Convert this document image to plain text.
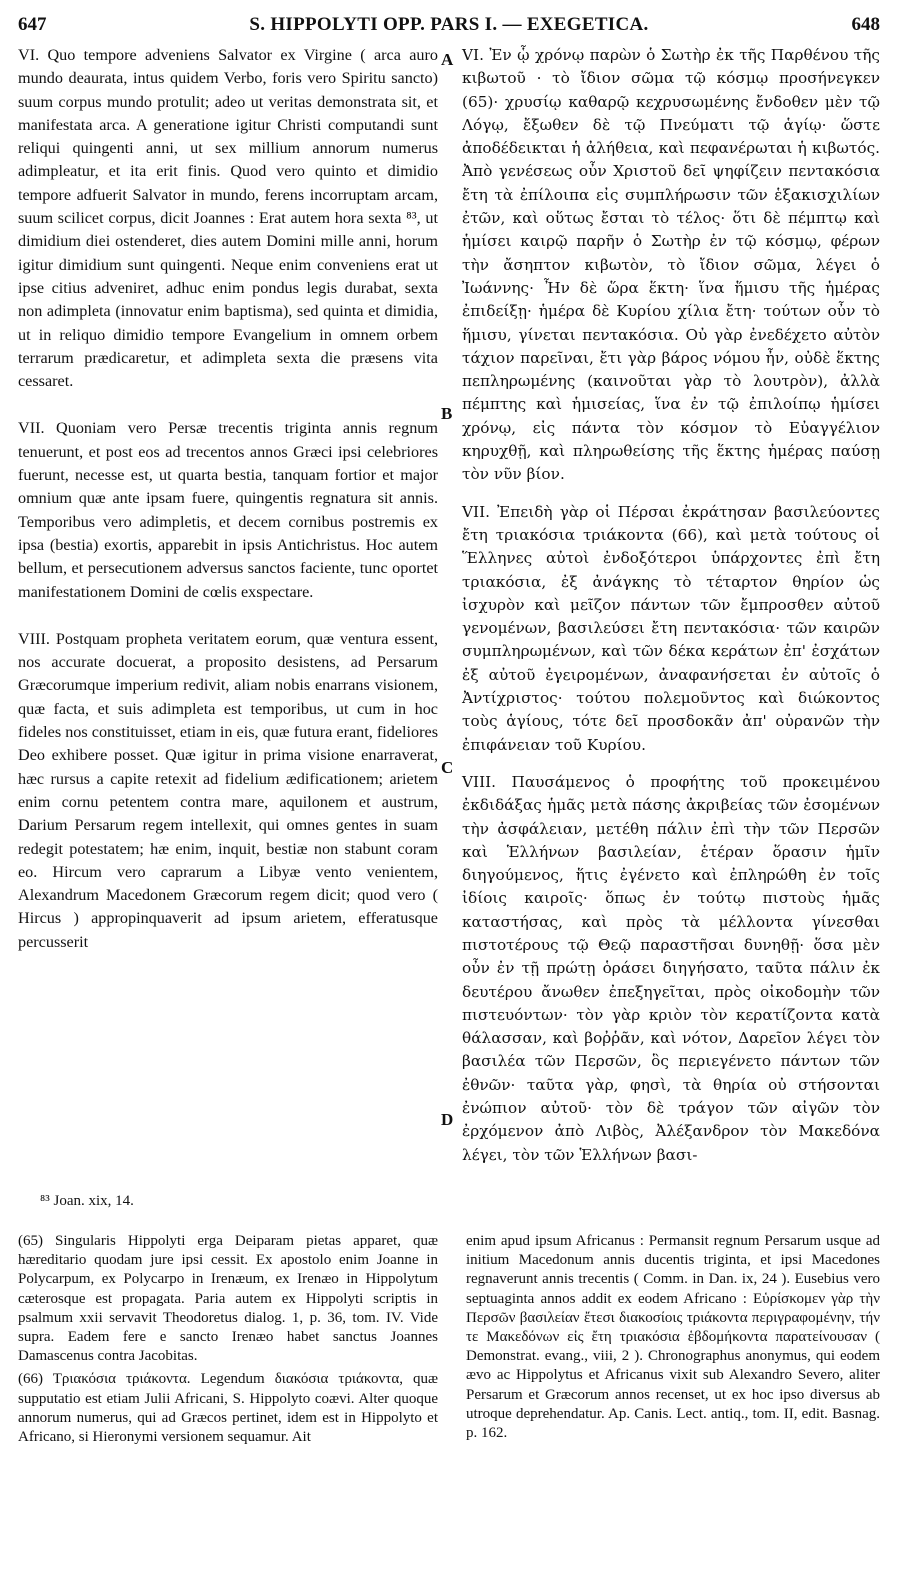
647	S. HIPPOLYTI OPP. PARS I. — EXEGETICA.	648

VI. Quo tempore adveniens Salvator ex Virgine ( arca auro mundo deaurata, intus quidem Verbo, foris vero Spiritu sancto) suum corpus mundo protulit; adeo ut veritas demonstrata sit, et manifestata arca. A generatione igitur Christi computandi sunt reliqui quingenti anni, ut sex millium annorum numerus adimpleatur, et ita erit finis. Quod vero quinto et dimidio tempore adfuerit Salvator in mundo, ferens incorruptam arcam, suum scilicet corpus, dicit Joannes : Erat autem hora sexta ⁸³, ut dimidium diei ostenderet, dies autem Domini mille anni, horum igitur dimidium sunt quingenti. Neque enim conveniens erat ut ipse citius adveniret, adhuc enim pondus legis durabat, sexta non adimpleta (innovatur enim baptisma), sed quinta et dimidia, ut in reliquo dimidio tempore Evangelium in omnem orbem terrarum prædicaretur, et adimpleta sexta die præsens vita cessaret.

VII. Quoniam vero Persæ trecentis triginta annis regnum tenuerunt, et post eos ad trecentos annos Græci ipsi celebriores fuerunt, necesse est, ut quarta bestia, tanquam fortior et major omnium quæ ante ipsam fuere, quingentis regnatura sit annis. Temporibus vero adimpletis, et decem cornibus postremis ex ipsa (bestia) exortis, apparebit in ipsis Antichristus. Hoc autem bellum, et persecutionem adversus sanctos faciente, tunc oportet manifestationem Domini de cœlis exspectare.

VIII. Postquam propheta veritatem eorum, quæ ventura essent, nos accurate docuerat, a proposito desistens, ad Persarum Græcorumque imperium redivit, aliam nobis enarrans visionem, quæ facta, et suis adimpleta est temporibus, ut cum in hoc fideles nos constituisset, etiam in eis, quæ futura erant, fideliores Deo exhibere posset. Quæ igitur in prima visione enarraverat, hæc rursus a capite retexit ad fidelium ædificationem; arietem enim cornu petentem contra mare, aquilonem et austrum, Darium Persarum regem intellexit, qui omnes gentes in suam redegit potestatem; hæ enim, inquit, bestiæ non stabunt coram eo. Hircum vero caprarum a Libyæ vento venientem, Alexandrum Macedonem Græcorum regem dicit; quod vero ( Hircus ) appropinquaverit ad ipsum arietem, efferatusque percusserit

VI. Ἐν ᾧ χρόνῳ παρὼν ὁ Σωτὴρ ἐκ τῆς Παρθένου τῆς κιβωτοῦ · τὸ ἴδιον σῶμα τῷ κόσμῳ προσήνεγκεν (65)· χρυσίῳ καθαρῷ κεχρυσωμένης ἔνδοθεν μὲν τῷ Λόγῳ, ἔξωθεν δὲ τῷ Πνεύματι τῷ ἁγίῳ· ὥστε ἀποδέδεικται ἡ ἀλήθεια, καὶ πεφανέρωται ἡ κιβωτός. Ἀπὸ γενέσεως οὖν Χριστοῦ δεῖ ψηφίζειν πεντακόσια ἔτη τὰ ἐπίλοιπα εἰς συμπλήρωσιν τῶν ἑξακισχιλίων ἐτῶν, καὶ οὕτως ἔσται τὸ τέλος· ὅτι δὲ πέμπτῳ καὶ ἡμίσει καιρῷ παρῆν ὁ Σωτὴρ ἐν τῷ κόσμῳ, φέρων τὴν ἄσηπτον κιβωτὸν, τὸ ἴδιον σῶμα, λέγει ὁ Ἰωάννης· Ἦν δὲ ὥρα ἕκτη· ἵνα ἥμισυ τῆς ἡμέρας ἐπιδείξῃ· ἡμέρα δὲ Κυρίου χίλια ἔτη· τούτων οὖν τὸ ἥμισυ, γίνεται πεντακόσια. Οὐ γὰρ ἐνεδέχετο αὐτὸν τάχιον παρεῖναι, ἔτι γὰρ βάρος νόμου ἦν, οὐδὲ ἕκτης πεπληρωμένης (καινοῦται γὰρ τὸ λουτρὸν), ἀλλὰ πέμπτης καὶ ἡμισείας, ἵνα ἐν τῷ ἐπιλοίπῳ ἡμίσει χρόνῳ, εἰς πάντα τὸν κόσμον τὸ Εὐαγγέλιον κηρυχθῇ, καὶ πληρωθείσης τῆς ἕκτης ἡμέρας παύσῃ τὸν νῦν βίον.

VII. Ἐπειδὴ γὰρ οἱ Πέρσαι ἐκράτησαν βασιλεύοντες ἔτη τριακόσια τριάκοντα (66), καὶ μετὰ τούτους οἱ Ἕλληνες αὐτοὶ ἐνδοξότεροι ὑπάρχοντες ἐπὶ ἔτη τριακόσια, ἐξ ἀνάγκης τὸ τέταρτον θηρίον ὡς ἰσχυρὸν καὶ μεῖζον πάντων τῶν ἔμπροσθεν αὐτοῦ γενομένων, βασιλεύσει ἔτη πεντακόσια· τῶν καιρῶν συμπληρωμένων, καὶ τῶν δέκα κεράτων ἐπ' ἐσχάτων ἐξ αὐτοῦ ἐγειρομένων, ἀναφανήσεται ἐν αὐτοῖς ὁ Ἀντίχριστος· τούτου πολεμοῦντος καὶ διώκοντος τοὺς ἁγίους, τότε δεῖ προσδοκᾶν ἀπ' οὐρανῶν τὴν ἐπιφάνειαν τοῦ Κυρίου.

VIII. Παυσάμενος ὁ προφήτης τοῦ προκειμένου ἐκδιδάξας ἡμᾶς μετὰ πάσης ἀκριβείας τῶν ἐσομένων τὴν ἀσφάλειαν, μετέθη πάλιν ἐπὶ τὴν τῶν Περσῶν καὶ Ἑλλήνων βασιλείαν, ἑτέραν ὅρασιν ἡμῖν διηγούμενος, ἥτις ἐγένετο καὶ ἐπληρώθη ἐν τοῖς ἰδίοις καιροῖς· ὅπως ἐν τούτῳ πιστοὺς ἡμᾶς καταστήσας, καὶ πρὸς τὰ μέλλοντα γίνεσθαι πιστοτέρους τῷ Θεῷ παραστῆσαι δυνηθῇ· ὅσα μὲν οὖν ἐν τῇ πρώτῃ ὁράσει διηγήσατο, ταῦτα πάλιν ἐκ δευτέρου ἄνωθεν ἐπεξηγεῖται, πρὸς οἰκοδομὴν τῶν πιστευόντων· τὸν γὰρ κριὸν τὸν κερατίζοντα κατὰ θάλασσαν, καὶ βοῤῥᾶν, καὶ νότον, Δαρεῖον λέγει τὸν βασιλέα τῶν Περσῶν, ὃς περιεγένετο πάντων τῶν ἐθνῶν· ταῦτα γὰρ, φησὶ, τὰ θηρία οὐ στήσονται ἐνώπιον αὐτοῦ· τὸν δὲ τράγον τῶν αἰγῶν τὸν ἐρχόμενον ἀπὸ Λιβὸς, Ἀλέξανδρον τὸν Μακεδόνα λέγει, τὸν τῶν Ἑλλήνων βασι-

A
B
C
D
⁸³ Joan. xix, 14.

(65) Singularis Hippolyti erga Deiparam pietas apparet, quæ hæreditario quodam jure ipsi cessit. Ex apostolo enim Joanne in Polycarpum, ex Polycarpo in Irenæum, ex Irenæo in Hippolytum cæterosque est propagata. Paria autem ex Hippolyti scriptis in psalmum xxii servavit Theodoretus dialog. 1, p. 36, tom. IV. Vide supra. Eadem fere e sancto Irenæo habet sanctus Joannes Damascenus contra Jacobitas.

(66) Τριακόσια τριάκοντα. Legendum διακόσια τριάκοντα, quæ supputatio est etiam Julii Africani, S. Hippolyto coævi. Alter quoque annorum numerus, qui ad Græcos pertinet, idem est in Hippolyto et Africano, si Hieronymi versionem sequamur. Ait

enim apud ipsum Africanus : Permansit regnum Persarum usque ad initium Macedonum annis ducentis triginta, et ipsi Macedones regnaverunt annis trecentis ( Comm. in Dan. ix, 24 ). Eusebius vero septuaginta annos addit ex eodem Africano : Εὑρίσκομεν γὰρ τὴν Περσῶν βασιλείαν ἔτεσι διακοσίοις τριάκοντα περιγραφομένην, τήν τε Μακεδόνων εἰς ἔτη τριακόσια ἑβδομήκοντα παρατείνουσαν ( Demonstrat. evang., viii, 2 ). Chronographus anonymus, qui eodem ævo ac Hippolytus et Africanus vixit sub Alexandro Severo, aliter Persarum et Græcorum annos recenset, ut ex hoc ipso diversus ab utroque deprehendatur. Ap. Canis. Lect. antiq., tom. II, edit. Basnag. p. 162.
